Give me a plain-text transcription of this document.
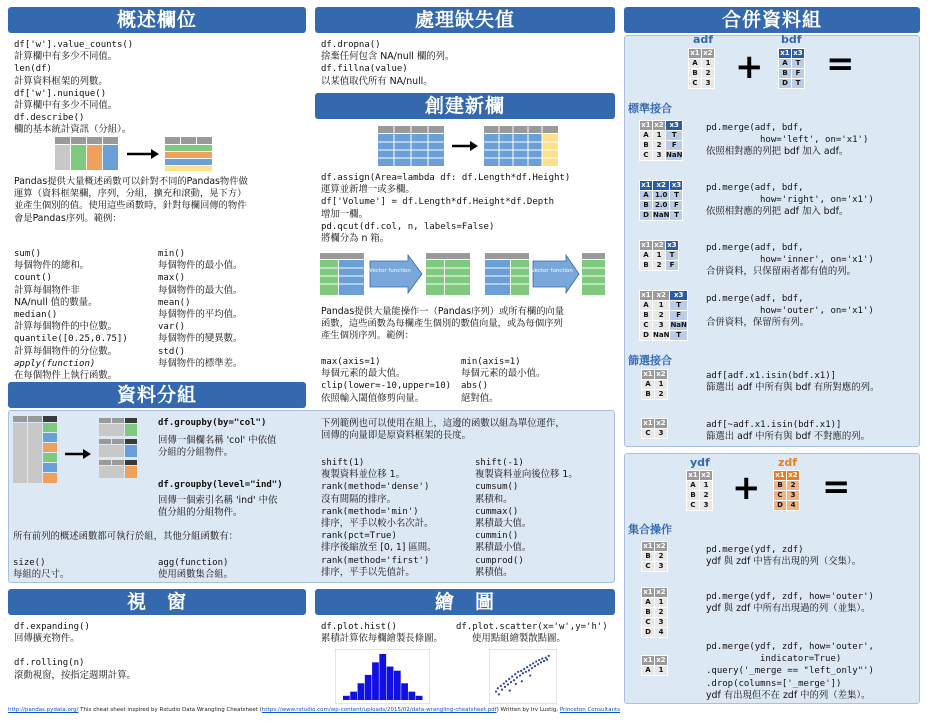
概述欄位	處理缺失值	合併資料組
創建新欄
資料分組
視　窗	繪　圖
df['w'].value_counts()
計算欄中有多少不同值。
len(df)
計算資料框架的列數。
df['w'].nunique()
計算欄中有多少不同值。
df.describe()
欄的基本統計資訊（分組）。
Pandas提供大量概述函數可以針對不同的Pandas物件做
運算（資料框架欄，序列，分組，擴充和滾動，晃下方）
並產生個別的值。使用這些函數時，針對每欄回傳的物件
會是Pandas序列。範例：
sum()
每個物件的總和。
count()
計算每個物件非
NA/null 值的數量。
median()
計算每個物件的中位數。
quantile([0.25,0.75])
計算每個物件的分位數。
apply(function)
在每個物件上執行函數。
min()
每個物件的最小值。
max()
每個物件的最大值。
mean()
每個物件的平均值。
var()
每個物件的變異數。
std()
每個物件的標準差。
df.dropna()
捨棄任何包含 NA/null 欄的列。
df.fillna(value)
以某值取代所有 NA/null。
df.assign(Area=lambda df: df.Length*df.Height)
運算並新增一或多欄。
df['Volume'] = df.Length*df.Height*df.Depth
增加一欄。
pd.qcut(df.col, n, labels=False)
將欄分為 n 箱。
Vector function	Vector function
Pandas提供大量能操作一（Pandas序列）或所有欄的向量
函數，這些函數為每欄產生個別的數值向量，或為每個序列
產生個別序列。範例：
max(axis=1)
每個元素的最大值。
clip(lower=-10,upper=10)
依照輸入閾值修剪向量。
min(axis=1)
每個元素的最小值。
abs()
絕對值。
df.groupby(by="col")
回傳一個欄名稱 'col' 中依值
分組的分組物件。
df.groupby(level="ind")
回傳一個索引名稱 'ind' 中依
值分組的分組物件。
所有前列的概述函數都可執行於組，其他分組函數有：
size()
每組的尺寸。
agg(function)
使用函數集合組。
下列範例也可以使用在組上，這邊的函數以組為單位運作，
回傳的向量即是原資料框架的長度。
shift(1)
複製資料並位移 1。
rank(method='dense')
沒有間隔的排序。
rank(method='min')
排序，平手以較小名次計。
rank(pct=True)
排序後縮放至 [0, 1] 區間。
rank(method='first')
排序，平手以先值計。
shift(-1)
複製資料並向後位移 1。
cumsum()
累積和。
cummax()
累積最大值。
cummin()
累積最小值。
cumprod()
累積值。
df.expanding()
回傳擴充物件。
df.rolling(n)
滾動視窗，按指定週期計算。
df.plot.hist()
累積計算依每欄繪製長條圖。
df.plot.scatter(x='w',y='h')
使用點組繪製散點圖。
adf	bdf
x1	x2
A	1
B	2
C	3 + x1	x3
A	T
B	F
D	T =
標準接合
x1	x2	x3
A	1	T
B	2	F
C	3	NaN
pd.merge(adf, bdf,
how='left', on='x1')
依照相對應的列把 bdf 加入 adf。
x1	x2	x3
A	1.0	T
B	2.0	F
D	NaN	T
pd.merge(adf, bdf,
how='right', on='x1')
依照相對應的列把 adf 加入 bdf。
x1	x2	x3
A	1	T
B	2	F
pd.merge(adf, bdf,
how='inner', on='x1')
合併資料，只保留兩者都有值的列。
x1	x2	x3
A	1	T
B	2	F
C	3	NaN
D	NaN	T
pd.merge(adf, bdf,
how='outer', on='x1')
合併資料，保留所有列。
篩選接合
x1	x2
A	1
B	2
adf[adf.x1.isin(bdf.x1)]
篩選出 adf 中所有與 bdf 有所對應的列。
x1	x2
C	3
adf[~adf.x1.isin(bdf.x1)]
篩選出 adf 中所有與 bdf 不對應的列。
ydf	zdf
x1	x2
A	1
B	2
C	3 + x1	x2
B	2
C	3
D	4 =
集合操作
x1	x2
B	2
C	3
pd.merge(ydf, zdf)
ydf 與 zdf 中皆有出現的列（交集）。
x1	x2
A	1
B	2
C	3
D	4
pd.merge(ydf, zdf, how='outer')
ydf 與 zdf 中所有出現過的列（並集）。
x1	x2
A	1
pd.merge(ydf, zdf, how='outer',
indicator=True)
.query('_merge == "left_only"')
.drop(columns=['_merge'])
ydf 有出現但不在 zdf 中的列（差集）。
http://pandas.pydata.org/ This cheat sheet inspired by Rstudio Data Wrangling Cheatsheet (https://www.rstudio.com/wp-content/uploads/2015/02/data-wrangling-cheatsheet.pdf) Written by Irv Lustig, Princeton Consultants
